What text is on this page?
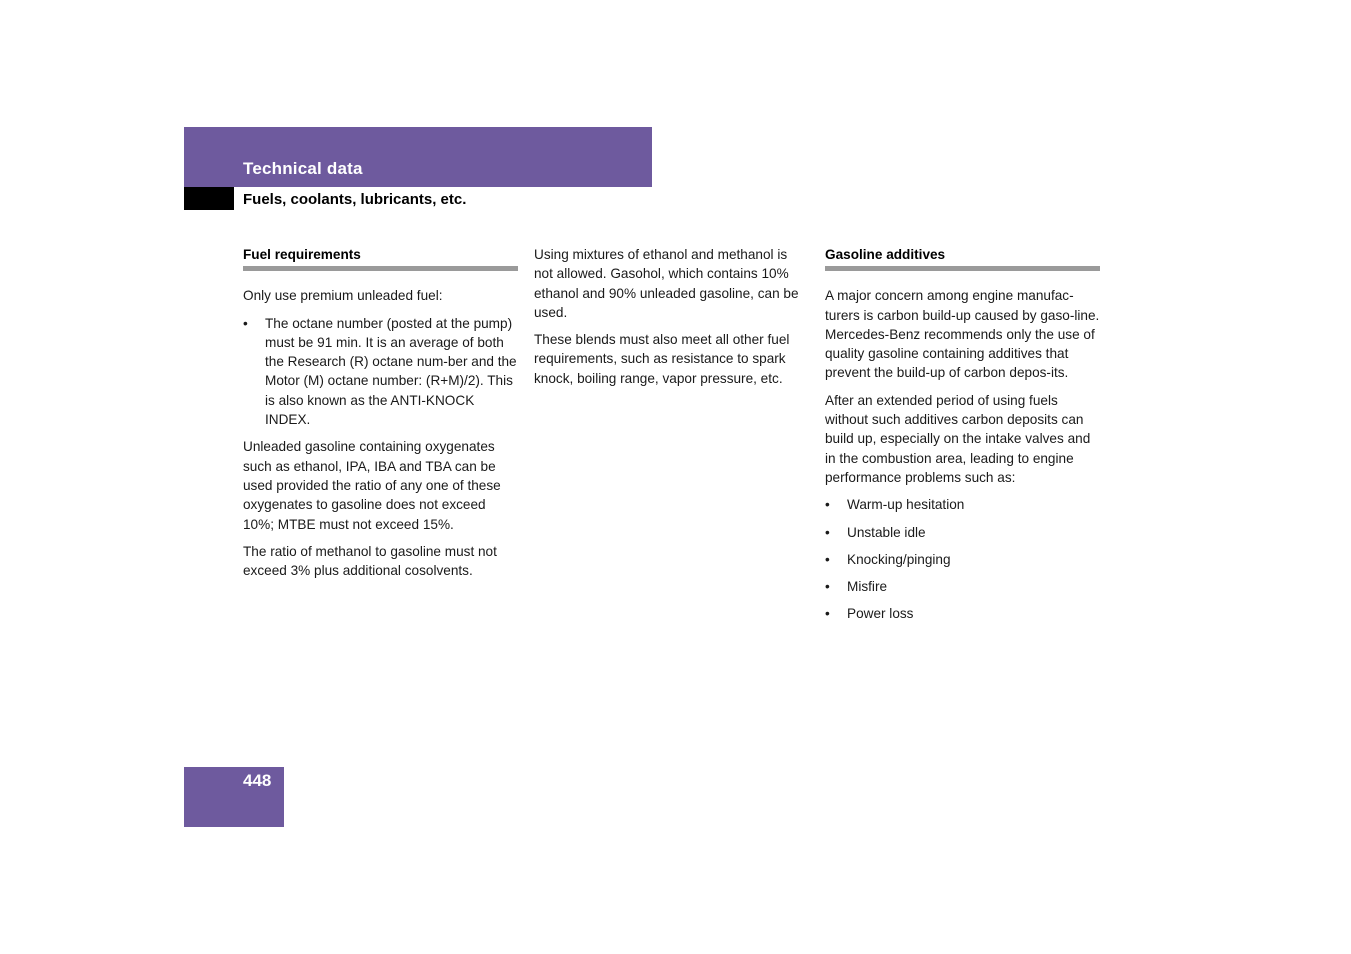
Technical data
Fuels, coolants, lubricants, etc.
Fuel requirements

Only use premium unleaded fuel:

• The octane number (posted at the pump) must be 91 min. It is an average of both the Research (R) octane num-ber and the Motor (M) octane number: (R+M)/2). This is also known as the ANTI-KNOCK INDEX.

Unleaded gasoline containing oxygenates such as ethanol, IPA, IBA and TBA can be used provided the ratio of any one of these oxygenates to gasoline does not exceed 10%; MTBE must not exceed 15%.

The ratio of methanol to gasoline must not exceed 3% plus additional cosolvents.

Using mixtures of ethanol and methanol is not allowed. Gasohol, which contains 10% ethanol and 90% unleaded gasoline, can be used.

These blends must also meet all other fuel requirements, such as resistance to spark knock, boiling range, vapor pressure, etc.

Gasoline additives

A major concern among engine manufac-turers is carbon build-up caused by gaso-line. Mercedes-Benz recommends only the use of quality gasoline containing additives that prevent the build-up of carbon depos-its.

After an extended period of using fuels without such additives carbon deposits can build up, especially on the intake valves and in the combustion area, leading to engine performance problems such as:

• Warm-up hesitation
• Unstable idle
• Knocking/pinging
• Misfire
• Power loss
448
